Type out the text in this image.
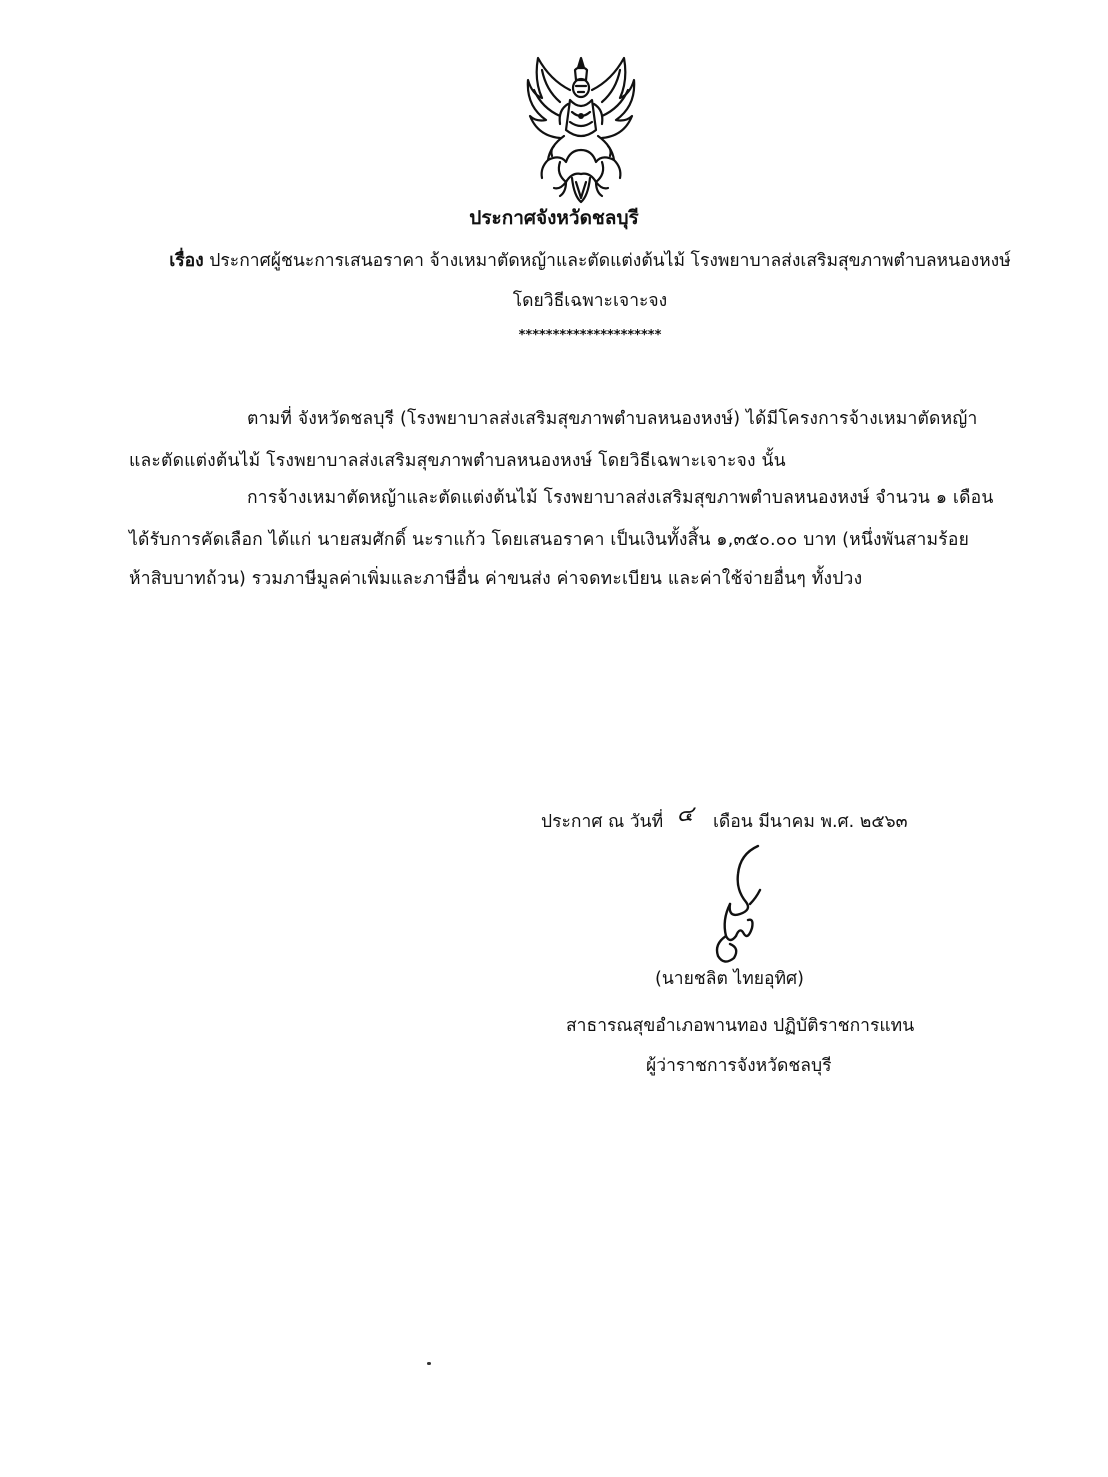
ประกาศจังหวัดชลบุรี
เรื่อง ประกาศผู้ชนะการเสนอราคา จ้างเหมาตัดหญ้าและตัดแต่งต้นไม้ โรงพยาบาลส่งเสริมสุขภาพตำบลหนองหงษ์
โดยวิธีเฉพาะเจาะจง
*********************
ตามที่ จังหวัดชลบุรี (โรงพยาบาลส่งเสริมสุขภาพตำบลหนองหงษ์) ได้มีโครงการจ้างเหมาตัดหญ้า
และตัดแต่งต้นไม้ โรงพยาบาลส่งเสริมสุขภาพตำบลหนองหงษ์ โดยวิธีเฉพาะเจาะจง นั้น
การจ้างเหมาตัดหญ้าและตัดแต่งต้นไม้ โรงพยาบาลส่งเสริมสุขภาพตำบลหนองหงษ์ จำนวน ๑ เดือน
ได้รับการคัดเลือก ได้แก่ นายสมศักดิ์ นะราแก้ว โดยเสนอราคา เป็นเงินทั้งสิ้น ๑,๓๕๐.๐๐ บาท (หนึ่งพันสามร้อย
ห้าสิบบาทถ้วน) รวมภาษีมูลค่าเพิ่มและภาษีอื่น ค่าขนส่ง ค่าจดทะเบียน และค่าใช้จ่ายอื่นๆ ทั้งปวง
ประกาศ ณ วันที่ ๔ เดือน มีนาคม พ.ศ. ๒๕๖๓
(นายชลิต ไทยอุทิศ)
สาธารณสุขอำเภอพานทอง ปฏิบัติราชการแทน
ผู้ว่าราชการจังหวัดชลบุรี
